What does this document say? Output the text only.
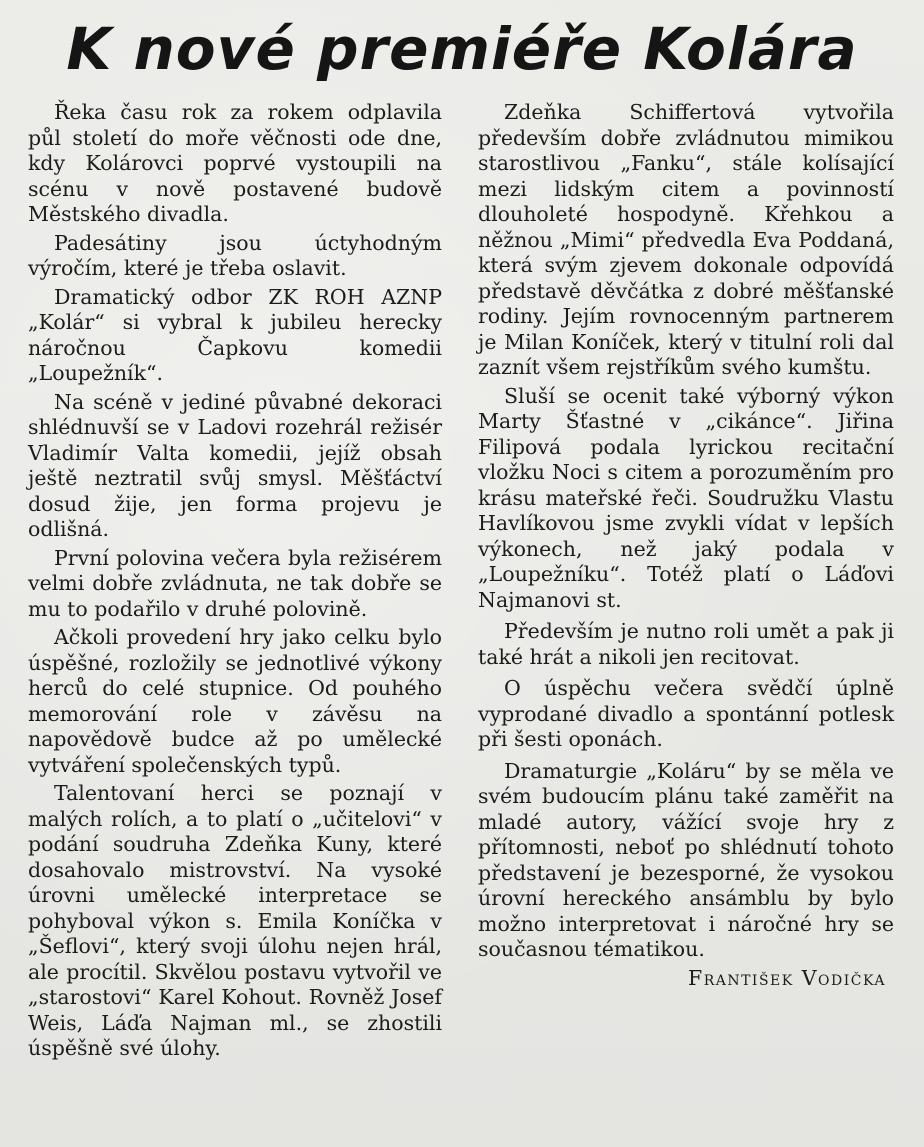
K nové premiéře Kolára

Řeka času rok za rokem odplavila půl století do moře věčnosti ode dne, kdy Kolárovci poprvé vystoupili na scénu v nově postavené budově Městského divadla.

Padesátiny jsou úctyhodným výročím, které je třeba oslavit.

Dramatický odbor ZK ROH AZNP „Kolár“ si vybral k jubileu herecky náročnou Čapkovu komedii „Loupežník“.

Na scéně v jediné půvabné dekoraci shlédnuvší se v Ladovi rozehrál režisér Vladimír Valta komedii, jejíž obsah ještě neztratil svůj smysl. Měšťáctví dosud žije, jen forma projevu je odlišná.

První polovina večera byla režisérem velmi dobře zvládnuta, ne tak dobře se mu to podařilo v druhé polovině.

Ačkoli provedení hry jako celku bylo úspěšné, rozložily se jednotlivé výkony herců do celé stupnice. Od pouhého memorování role v závěsu na napovědově budce až po umělecké vytváření společenských typů.

Talentovaní herci se poznají v malých rolích, a to platí o „učitelovi“ v podání soudruha Zdeňka Kuny, které dosahovalo mistrovství. Na vysoké úrovni umělecké interpretace se pohyboval výkon s. Emila Koníčka v „Šeflovi“, který svoji úlohu nejen hrál, ale procítil. Skvělou postavu vytvořil ve „starostovi“ Karel Kohout. Rovněž Josef Weis, Láďa Najman ml., se zhostili úspěšně své úlohy.

Zdeňka Schiffertová vytvořila především dobře zvládnutou mimikou starostlivou „Fanku“, stále kolísající mezi lidským citem a povinností dlouholeté hospodyně. Křehkou a něžnou „Mimi“ předvedla Eva Poddaná, která svým zjevem dokonale odpovídá představě děvčátka z dobré měšťanské rodiny. Jejím rovnocenným partnerem je Milan Koníček, který v titulní roli dal zaznít všem rejstříkům svého kumštu.

Sluší se ocenit také výborný výkon Marty Šťastné v „cikánce“. Jiřina Filipová podala lyrickou recitační vložku Noci s citem a porozuměním pro krásu mateřské řeči. Soudružku Vlastu Havlíkovou jsme zvykli vídat v lepších výkonech, než jaký podala v „Loupežníku“. Totéž platí o Láďovi Najmanovi st.

Především je nutno roli umět a pak ji také hrát a nikoli jen recitovat.

O úspěchu večera svědčí úplně vyprodané divadlo a spontánní potlesk při šesti oponách.

Dramaturgie „Koláru“ by se měla ve svém budoucím plánu také zaměřit na mladé autory, vážící svoje hry z přítomnosti, neboť po shlédnutí tohoto představení je bezesporné, že vysokou úrovní hereckého ansámblu by bylo možno interpretovat i náročné hry se současnou tématikou.

František Vodička
